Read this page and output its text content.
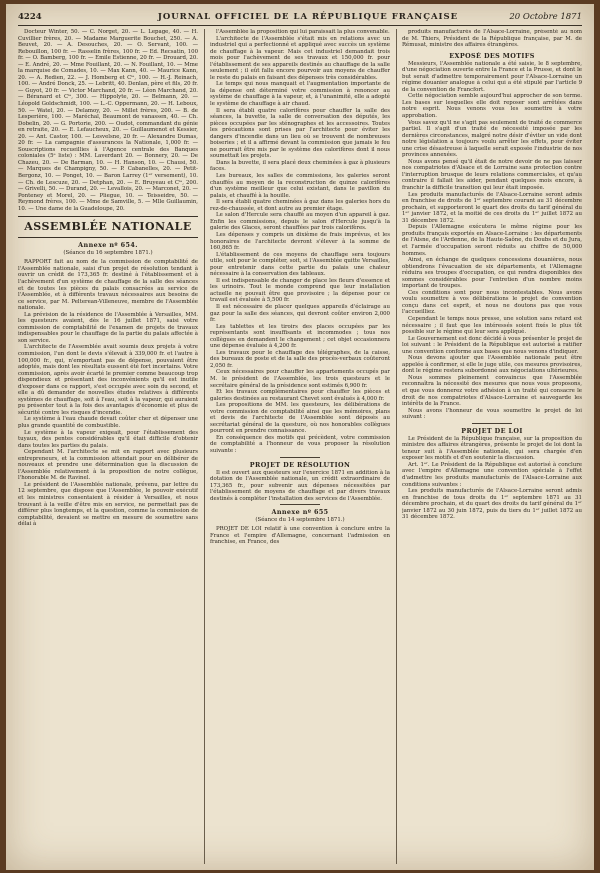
4224	JOURNAL OFFICIEL DE LA RÉPUBLIQUE FRANÇAISE	20 Octobre 1871

Docteur Winter, 50. — C. Norget, 20. — L. Lepage, 40. — H. Cuvillier frères, 20. — Madame Marguerite Bouchet, 250. — A. Beuvet, 20. — A. Desouches, 20. — O. Servant, 100. — Rebouillon, 100 fr. — Rasselin frères, 100 fr. — Ed. Recsatin, 100 fr. — O. Bamberg, 100 fr. — Emile Estienne, 20 fr. — Drouard, 20. — E. André, 20. — Mme Fouillant, 20. — N. Fouillant, 10. — Mme la marquise de Comades, 10. — Max Kann, 40. — Maurice Kann, 20. — A. Redien, 22. — J. Homberg et Cⁱᵉ, 100. — H.-J. Reinach, 100. — André Donck, 25. — Lebritt, 40. Denlan, père et fils, 20 fr. — Guyot, 20 fr. — Victor Marchand, 20 fr. — Léon Marchand, 20. — Béranard et Cⁱᵉ, 300. — Hippolyte, 20. — Belmann, 20. — Léopold Goldschmidt, 100. — L.-C. Oppermann, 20. — H. Leboux, 50. — Watel, 20. — Delamoy, 20. — Millet frères, 200. — B. de Lesperière, 100. — Maréchal, Beaumont de vanassen, 40. — Ch. Dobelin, 20. — G. Portorie, 200. — Oudot, commandant du génie en retraite, 20. — E. Lefaucheux, 20. — Guillaumenot et Kessier, 20. — Ant. Castor, 100. — Lesvelsne, 20 fr. — Alexandre Dumas, 20 fr. — La campagnie d'assurances la Nationale, 1,000 fr. — Souscriptions recueillies à l'Agence centrale des Banques coloniales (5ᵉ liste) : MM. Laverdant 20. — Bonnery, 20. — De Chazeu, 20. — De Barman, 10. — H. Hanson, 10. — Chausi, 50. — Marques de Champigny, 50. — P. Cabanelles, 20. — Petit-Bergonz, 10. — Ponget, 10. — Baron Larrey (1ᵉʳ versement), 10. — Ch. de Lescuze, 20. — Detphan, 20. — E. Bruyeau et Cⁱᵉ, 200. — Grivelli, 50. — Durand, 20. — Levallois, 20. — Marconet, 20. — Ponteney et Morel, 20. — Pliegue, 10. — Teisseidre, 50. — Reymond frères, 100. — Mme de Samville, 5. — Mlle Guillaumin, 10. — Une dame de la Guadeloupe, 20.

ASSEMBLÉE NATIONALE
Annexe nº 654.
(Séance du 16 septembre 1871.)

RAPPORT fait au nom de la commission de comptabilité de l'Assemblée nationale, saisi d'un projet de résolution tendant à ouvrir un crédit de 173,365 fr. destiné à l'établissement et à l'achèvement d'un système de chauffage de la salle des séances et de toutes les pièces du palais consacrées au service de l'Assemblée, et à différents travaux nécessaires aux besoins de ce service, par M. Pelterean-Villeneuve, membre de l'Assemblée nationale.

La prévision de la résidence de l'Assemblée à Versailles, MM. les questeurs avaient, dès le 16 juillet 1871, saisi votre commission de comptabilité de l'examen de projets de travaux indispensables pour le chauffage de la partie du palais affectée à son service.

L'architecte de l'Assemblée avait soumis deux projets à votre commission, l'un dont le devis s'élevait à 339,000 fr. et l'autre à 100,000 fr., qui, n'emportant pas de dépense, pouvaient être adoptés, mais dont les résultats eussent été fort incertains. Votre commission, après avoir écarté le premier comme beaucoup trop dispendieux et présentant des inconvénients qu'il est inutile d'exposer dans ce rapport, s'est occupée avec soin du second, et elle a dû demander de nouvelles études relatives à différents systèmes de chauffage, soit à l'eau, soit à la vapeur, qui auraient pu présenter tout à la fois des avantages d'économie et plus de sécurité contre les risques d'incendie.

Le système à l'eau chaude devait coûter cher et dépenser une plus grande quantité de combustible.

Le système à la vapeur exigeait, pour l'établissement des tuyaux, des pentes considérables qu'il était difficile d'obtenir dans toutes les parties du palais.

Cependant M. l'architecte se mit en rapport avec plusieurs entrepreneurs, et la commission attendait pour en délibérer de nouveaux et prendre une détermination que la discussion de l'Assemblée relativement à la proposition de notre collègue, l'honorable M. de Ravinel.

Le président de l'Assemblée nationale, prévenu, par lettre du 12 septembre, que dispose que l'Assemblée, le pouvoir exécutif et les ministres consentaient à résider à Versailles, et nous trouvant à la veille d'être mis en service, ne permettait pas de différer plus longtemps, et la question, comme la commission de comptabilité, devaient se mettre en mesure de soumettre sans délai à

l'Assemblée la proposition qui lui paraissait la plus convenable.

L'architecte de l'Assemblée s'était mis en relations avec un industriel qui a perfectionné et appliqué avec succès un système de chauffage à la vapeur. Mais cet industriel demandait trois mois pour l'achèvement de ses travaux et 150,000 fr. pour l'établissement de ses appareils destinés au chauffage de la salle seulement ; il eût fallu encore pourvoir aux moyens de chauffer le reste du palais en faisant des dépenses très considérables.

Le temps qui nous manquait et l'augmentation importante de la dépense ont déterminé votre commission à renoncer au système de chauffage à la vapeur, et, à l'unanimité, elle a adopté le système de chauffage à air chaud.

Il sera établi quatre calorifères pour chauffer la salle des séances, la buvette, la salle de conversation des députés, les pièces occupées par les sténographes et les accessoires. Toutes les précautions sont prises par l'architecte pour éviter les dangers d'incendie dans un lieu où se trouvent de nombreuses boiseries ; et il a affirmé devant la commission que jamais le feu ne pourrait être mis par le système des calorifères dont il nous soumettait les projets.

Dans la buvette, il sera placé deux cheminées à gaz à plusieurs faces.

Les bureaux, les salles de commissions, les galeries seront chauffés au moyen de la reconstruction de quinze calorifères d'un système meilleur que celui existant, dans le pavillon du palais, et chauffé à la houille.

Il sera établi quatre cheminées à gaz dans les galeries hors du rez-de-chaussée, et dont autre au premier étage.

Le salon d'Hercule sera chauffé au moyen d'un appareil à gaz. Enfin les commissions, depuis le salon d'Hercule jusqu'à la galerie des Glaces, seront chauffées par trois calorifères.

Les dépenses y compris un dixième de frais imprévus, et les honoraires de l'architecte devront s'élever à la somme de 160,865 fr.

L'établissement de ces moyens de chauffage sera toujours utile, soit pour le compléter, soit, si l'Assemblée quitte Versailles, pour entretenir dans cette partie du palais une chaleur nécessaire à la conservation des tableaux.

Il est indispensable de changer de place les fleurs d'essence et les urinoirs. Tout le monde comprend que leur installation actuelle ne pouvait être que provisoire ; la dépense pour ce travail est évaluée à 5,500 fr.

Il est nécessaire de placer quelques appareils d'éclairage au gaz pour la salle des séances, qui devront coûter environ 2,000 fr.

Les tablettes et les tiroirs des places occupées par les représentants sont insuffisants et incommodes ; tous nos collègues en demandent le changement ; cet objet occasionnera une dépense évaluée à 4,200 fr.

Les travaux pour le chauffage des télégraphes, de la caisse, des bureaux de poste et de la salle des procès-verbaux coûteront 2,050 fr.

Ceux nécessaires pour chauffer les appartements occupés par M. le président de l'Assemblée, les trois questeurs et le secrétaire général de la présidence sont estimés 6,900 fr.

Et les travaux complémentaires pour chauffer les pièces et galeries destinées au restaurant Chevet sont évalués à 4,000 fr.

Les propositions de MM. les questeurs, les délibérations de votre commission de comptabilité ainsi que les mémoires, plans et devis de l'architecte de l'Assemblée sont déposés au secrétariat général de la questure, où nos honorables collègues pourront en prendre connaissance.

En conséquence des motifs qui précèdent, votre commission de comptabilité a l'honneur de vous proposer la résolution suivante :

PROJET DE RÉSOLUTION

Il est ouvert aux questeurs sur l'exercice 1871 en addition à la dotation de l'Assemblée nationale, un crédit extraordinaire de 173,365 fr., pour subvenir aux dépenses nécessitées par l'établissement de moyens de chauffage et par divers travaux destinés à compléter l'installation des services de l'Assemblée.

Annexe nº 655
(Séance du 14 septembre 1871.)

PROJET DE LOI relatif à une convention à conclure entre la France et l'empire d'Allemagne, concernant l'admission en franchise, en France, des

produits manufacturés de l'Alsace-Lorraine, présenté au nom de M. Thiers, Président de la République française, par M. de Rémusat, ministre des affaires étrangères.

EXPOSÉ DES MOTIFS

Messieurs, l'Assemblée nationale a été saisie, le 8 septembre, d'une négociation ouverte entre la France et la Prusse, et dont le but serait d'admettre temporairement pour l'Alsace-Lorraine un régime douanier analogue à celui qui a été stipulé par l'article 9 de la convention de Francfort.

Cette négociation semble aujourd'hui approcher de son terme. Les bases sur lesquelles elle doit reposer sont arrêtées dans notre esprit. Nous venons vous les soumettre à votre approbation.

Vous savez qu'il ne s'agit pas seulement de traité de commerce partiel. Il s'agit d'un traité de nécessité imposée par les dernières circonstances, malgré notre désir d'éviter un vide dont notre législation a toujours voulu arrêter les effets, pour éviter une crise désastreuse à laquelle serait exposée l'industrie de nos provinces annexées.

Nous avons pensé qu'il était de notre devoir de ne pas laisser nos compatriotes d'Alsace et de Lorraine sans protection contre l'interruption brusque de leurs relations commerciales, et qu'au contraire il fallait les aider, pendant quelques mois encore, à franchir la difficile transition qui leur était imposée.

Les produits manufacturés de l'Alsace-Lorraine seront admis en franchise de droits de 1ᵉʳ septembre courant au 31 décembre prochain, et supporteront le quart des droits du tarif général du 1ᵉʳ janvier 1872, et la moitié de ces droits du 1ᵉʳ juillet 1872 au 31 décembre 1872.

Depuis l'Allemagne exécutera le même régime pour les produits français exportés en Alsace-Lorraine : les départements de l'Aisne, de l'Ardenne, de la Haute-Saône, du Doubs et du Jura, et l'armée d'occupation seront réduits au chiffre de 50,000 hommes.

Ainsi, en échange de quelques concessions douanières, nous obtiendrons l'évacuation de six départements, et l'Allemagne réduira ses troupes d'occupation, ce qui rendra disponibles des sommes considérables pour l'entretien d'un nombre moins important de troupes.

Ces conditions sont pour nous incontestables. Nous avons voulu soumettre à vos délibérations le projet de convention conçu dans cet esprit, et nous ne doutons pas que vous l'accueilliez.

Cependant le temps nous presse, une solution sans retard est nécessaire ; il faut que les intéressés soient fixés le plus tôt possible sur le régime qui leur sera appliqué.

Le Gouvernement est donc décidé à vous présenter le projet de loi suivant : le Président de la République est autorisé à ratifier une convention conforme aux bases que nous venons d'indiquer.

Nous devons ajouter que l'Assemblée nationale peut être appelée à confirmer, si elle le juge utile, ces mesures provisoires, dont le régime restera subordonné aux négociations ultérieures.

Nous sommes pleinement convaincus que l'Assemblée reconnaîtra la nécessité des mesures que nous vous proposons, et que vous donnerez votre adhésion à un traité qui consacre le droit de nos compatriotes d'Alsace-Lorraine et sauvegarde les intérêts de la France.

Nous avons l'honneur de vous soumettre le projet de loi suivant :

PROJET DE LOI

Le Président de la République française, sur la proposition du ministre des affaires étrangères, présente le projet de loi dont la teneur suit à l'Assemblée nationale, qui sera chargée d'en exposer les motifs et d'en soutenir la discussion.

Art. 1ᵉʳ. Le Président de la République est autorisé à conclure avec l'empire d'Allemagne une convention spéciale à l'effet d'admettre les produits manufacturés de l'Alsace-Lorraine aux conditions suivantes :

Les produits manufacturés de l'Alsace-Lorraine seront admis en franchise de tous droits du 1ᵉʳ septembre 1871 au 31 décembre prochain, et du quart des droits du tarif général du 1ᵉʳ janvier 1872 au 30 juin 1872, puis du tiers du 1ᵉʳ juillet 1872 au 31 décembre 1872.
